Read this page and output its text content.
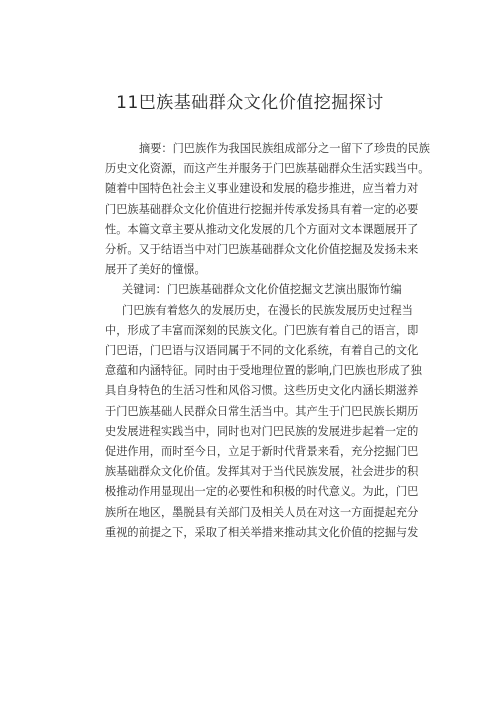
11巴族基础群众文化价值挖掘探讨
摘要：门巴族作为我国民族组成部分之一留下了珍贵的民族
历史文化资源，而这产生并服务于门巴族基础群众生活实践当中。
随着中国特色社会主义事业建设和发展的稳步推进，应当着力对
门巴族基础群众文化价值进行挖掘并传承发扬具有着一定的必要
性。本篇文章主要从推动文化发展的几个方面对文本课题展开了
分析。又于结语当中对门巴族基础群众文化价值挖掘及发扬未来
展开了美好的憧憬。
关键词：门巴族基础群众文化价值挖掘文艺演出服饰竹编
门巴族有着悠久的发展历史，在漫长的民族发展历史过程当
中，形成了丰富而深刻的民族文化。门巴族有着自己的语言，即
门巴语，门巴语与汉语同属于不同的文化系统，有着自己的文化
意蕴和内涵特征。同时由于受地理位置的影响,门巴族也形成了独
具自身特色的生活习性和风俗习惯。这些历史文化内涵长期滋养
于门巴族基础人民群众日常生活当中。其产生于门巴民族长期历
史发展进程实践当中，同时也对门巴民族的发展进步起着一定的
促进作用，而时至今日，立足于新时代背景来看，充分挖掘门巴
族基础群众文化价值。发挥其对于当代民族发展，社会进步的积
极推动作用显现出一定的必要性和积极的时代意义。为此，门巴
族所在地区，墨脱县有关部门及相关人员在对这一方面提起充分
重视的前提之下，采取了相关举措来推动其文化价值的挖掘与发
